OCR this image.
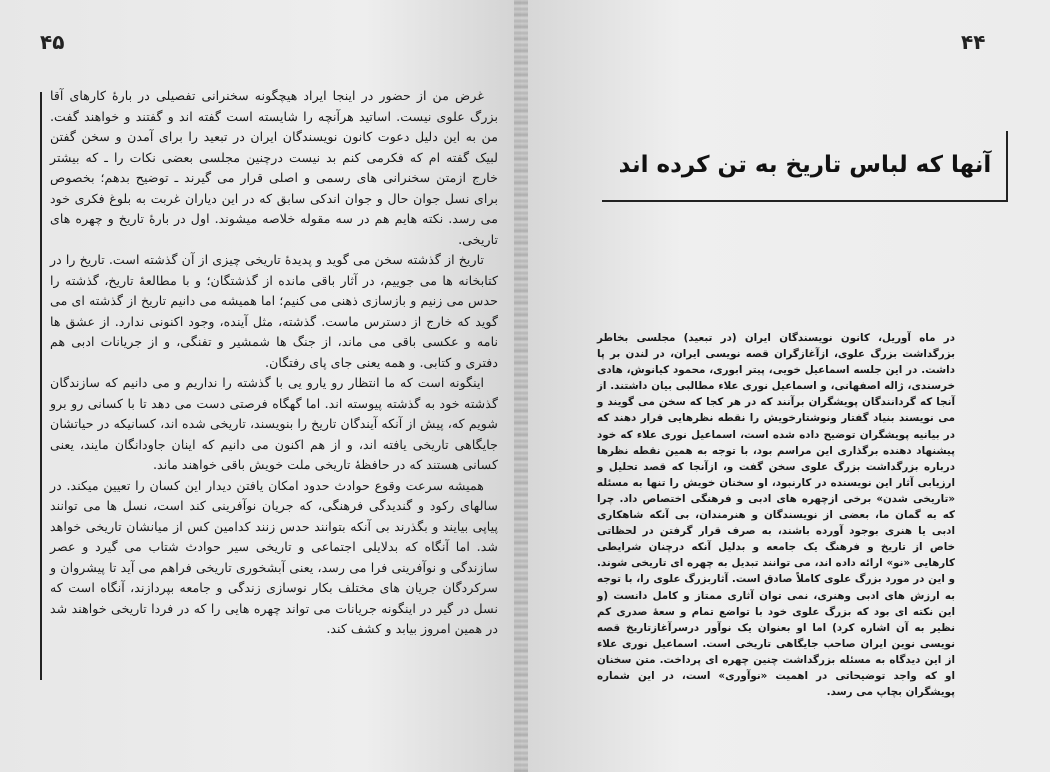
۴۵

غرض من از حضور در اینجا ایراد هیچگونه سخنرانی تفصیلی در بارهٔ کارهای آقا بزرگ علوی نیست. اساتید هرآنچه را شایسته است گفته اند و گفتند و خواهند گفت. من به این دلیل دعوت کانون نویسندگان ایران در تبعید را برای آمدن و سخن گفتن لبیک گفته ام که فکرمی کنم بد نیست درچنین مجلسی بعضی نکات را ـ که بیشتر خارج ازمتن سخنرانی های رسمی و اصلی قرار می گیرند ـ توضیح بدهم؛ بخصوص برای نسل جوان حال و جوان اندکی سابق که در این دیاران غربت به بلوغ فکری خود می رسد. نکته هایم هم در سه مقوله خلاصه میشوند. اول در بارهٔ تاریخ و چهره های تاریخی.

تاریخ از گذشته سخن می گوید و پدیدهٔ تاریخی چیزی از آن گذشته است. تاریخ را در کتابخانه ها می جوییم، در آثار باقی مانده از گذشتگان؛ و با مطالعهٔ تاریخ، گذشته را حدس می زنیم و بازسازی ذهنی می کنیم؛ اما همیشه می دانیم تاریخ از گذشته ای می گوید که خارج از دسترس ماست. گذشته، مثل آینده، وجود اکنونی ندارد. از عشق ها نامه و عکسی باقی می ماند، از جنگ ها شمشیر و تفنگی، و از جریانات ادبی هم دفتری و کتابی. و همه یعنی جای پای رفتگان.

اینگونه است که ما انتظار رو یارو یی با گذشته را نداریم و می دانیم که سازندگان گذشته خود به گذشته پیوسته اند. اما گهگاه فرصتی دست می دهد تا با کسانی رو برو شویم که، پیش از آنکه آیندگان تاریخ را بنویسند، تاریخی شده اند، کسانیکه در حیاتشان جایگاهی تاریخی یافته اند، و از هم اکنون می دانیم که اینان جاودانگان مایند، یعنی کسانی هستند که در حافظهٔ تاریخی ملت خویش باقی خواهند ماند.

همیشه سرعت وقوع حوادث حدود امکان یافتن دیدار این کسان را تعیین میکند. در سالهای رکود و گندیدگی فرهنگی، که جریان نوآفرینی کند است، نسل ها می توانند پیاپی بیایند و بگذرند بی آنکه بتوانند حدس زنند کدامین کس از میانشان تاریخی خواهد شد. اما آنگاه که بدلایلی اجتماعی و تاریخی سیر حوادث شتاب می گیرد و عصر سازندگی و نوآفرینی فرا می رسد، یعنی آبشخوری تاریخی فراهم می آید تا پیشروان و سرکردگان جریان های مختلف بکار نوسازی زندگی و جامعه بپردازند، آنگاه است که نسل در گیر در اینگونه جریانات می تواند چهره هایی را که در فردا تاریخی خواهند شد در همین امروز بیابد و کشف کند.

۴۴
آنها که لباس تاریخ به تن کرده اند

در ماه آوریل، کانون نویسندگان ایران (در تبعید) مجلسی بخاطر بزرگداشت بزرگ علوی، ازآغازگران قصه نویسی ایران، در لندن بر پا داشت. در این جلسه اسماعیل خویی، پیتر ابوری، محمود کیانوش، هادی خرسندی، ژاله اصفهانی، و اسماعیل نوری علاء مطالبی بیان داشتند. از آنجا که گردانندگان پویشگران برآنند که در هر کجا که سخن می گویند و می نویسند بنیاد گفتار ونوشتارخویش را نقطه نظرهایی قرار دهند که در بیانیه پویشگران توضیح داده شده است، اسماعیل نوری علاء که خود پیشنهاد دهنده برگذاری این مراسم بود، با توجه به همین نقطه نظرها درباره بزرگداشت بزرگ علوی سخن گفت و، ازآنجا که قصد تحلیل و ارزیابی آثار این نویسنده در کارنبود، او سخنان خویش را تنها به مسئله «تاریخی شدن» برخی ازچهره های ادبی و فرهنگی اختصاص داد. چرا که به گمان ما، بعضی از نویسندگان و هنرمندان، بی آنکه شاهکاری ادبی یا هنری بوجود آورده باشند، به صرف قرار گرفتن در لحظاتی خاص از تاریخ و فرهنگ یک جامعه و بدلیل آنکه درچنان شرایطی کارهایی «نو» ارائه داده اند، می توانند تبدیل به چهره ای تاریخی شوند. و این در مورد بزرگ علوی کاملاً صادق است. آثاربزرگ علوی را، با توجه به ارزش های ادبی وهنری، نمی توان آثاری ممتاز و کامل دانست (و این نکته ای بود که بزرگ علوی خود با تواضع تمام و سعهٔ صدری کم نظیر به آن اشاره کرد) اما او بعنوان یک نوآور درسرآغازتاریخ قصه نویسی نوین ایران صاحب جایگاهی تاریخی است. اسماعیل نوری علاء از این دیدگاه به مسئله بزرگداشت چنین چهره ای پرداخت. متن سخنان او که واجد توضیحاتی در اهمیت «نوآوری» است، در این شماره پویشگران بچاپ می رسد.
